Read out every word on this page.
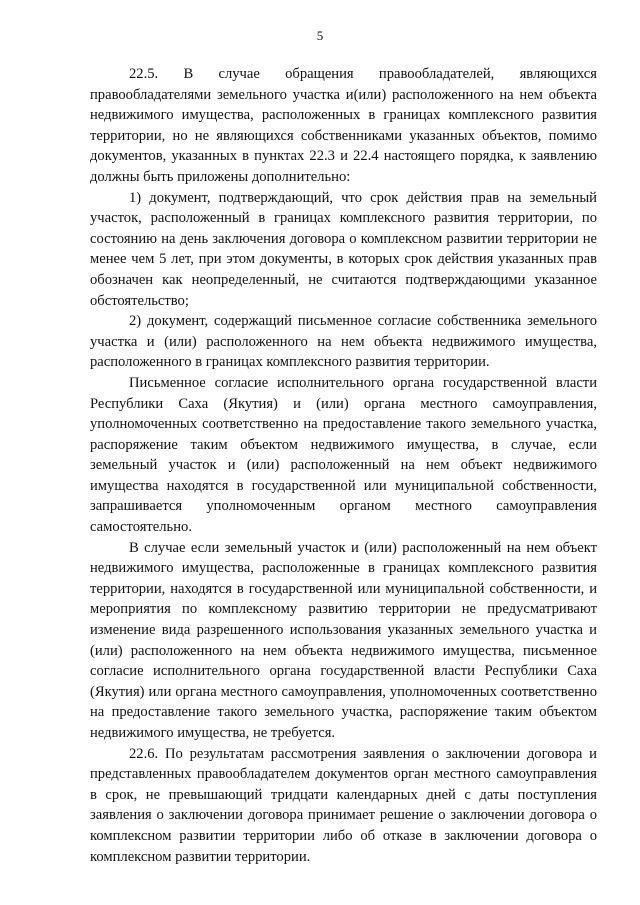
5

22.5. В случае обращения правообладателей, являющихся правообладателями земельного участка и(или) расположенного на нем объекта недвижимого имущества, расположенных в границах комплексного развития территории, но не являющихся собственниками указанных объектов, помимо документов, указанных в пунктах 22.3 и 22.4 настоящего порядка, к заявлению должны быть приложены дополнительно:

1) документ, подтверждающий, что срок действия прав на земельный участок, расположенный в границах комплексного развития территории, по состоянию на день заключения договора о комплексном развитии территории не менее чем 5 лет, при этом документы, в которых срок действия указанных прав обозначен как неопределенный, не считаются подтверждающими указанное обстоятельство;

2) документ, содержащий письменное согласие собственника земельного участка и (или) расположенного на нем объекта недвижимого имущества, расположенного в границах комплексного развития территории.

Письменное согласие исполнительного органа государственной власти Республики Саха (Якутия) и (или) органа местного самоуправления, уполномоченных соответственно на предоставление такого земельного участка, распоряжение таким объектом недвижимого имущества, в случае, если земельный участок и (или) расположенный на нем объект недвижимого имущества находятся в государственной или муниципальной собственности, запрашивается уполномоченным органом местного самоуправления самостоятельно.

В случае если земельный участок и (или) расположенный на нем объект недвижимого имущества, расположенные в границах комплексного развития территории, находятся в государственной или муниципальной собственности, и мероприятия по комплексному развитию территории не предусматривают изменение вида разрешенного использования указанных земельного участка и (или) расположенного на нем объекта недвижимого имущества, письменное согласие исполнительного органа государственной власти Республики Саха (Якутия) или органа местного самоуправления, уполномоченных соответственно на предоставление такого земельного участка, распоряжение таким объектом недвижимого имущества, не требуется.

22.6. По результатам рассмотрения заявления о заключении договора и представленных правообладателем документов орган местного самоуправления в срок, не превышающий тридцати календарных дней с даты поступления заявления о заключении договора принимает решение о заключении договора о комплексном развитии территории либо об отказе в заключении договора о комплексном развитии территории.
